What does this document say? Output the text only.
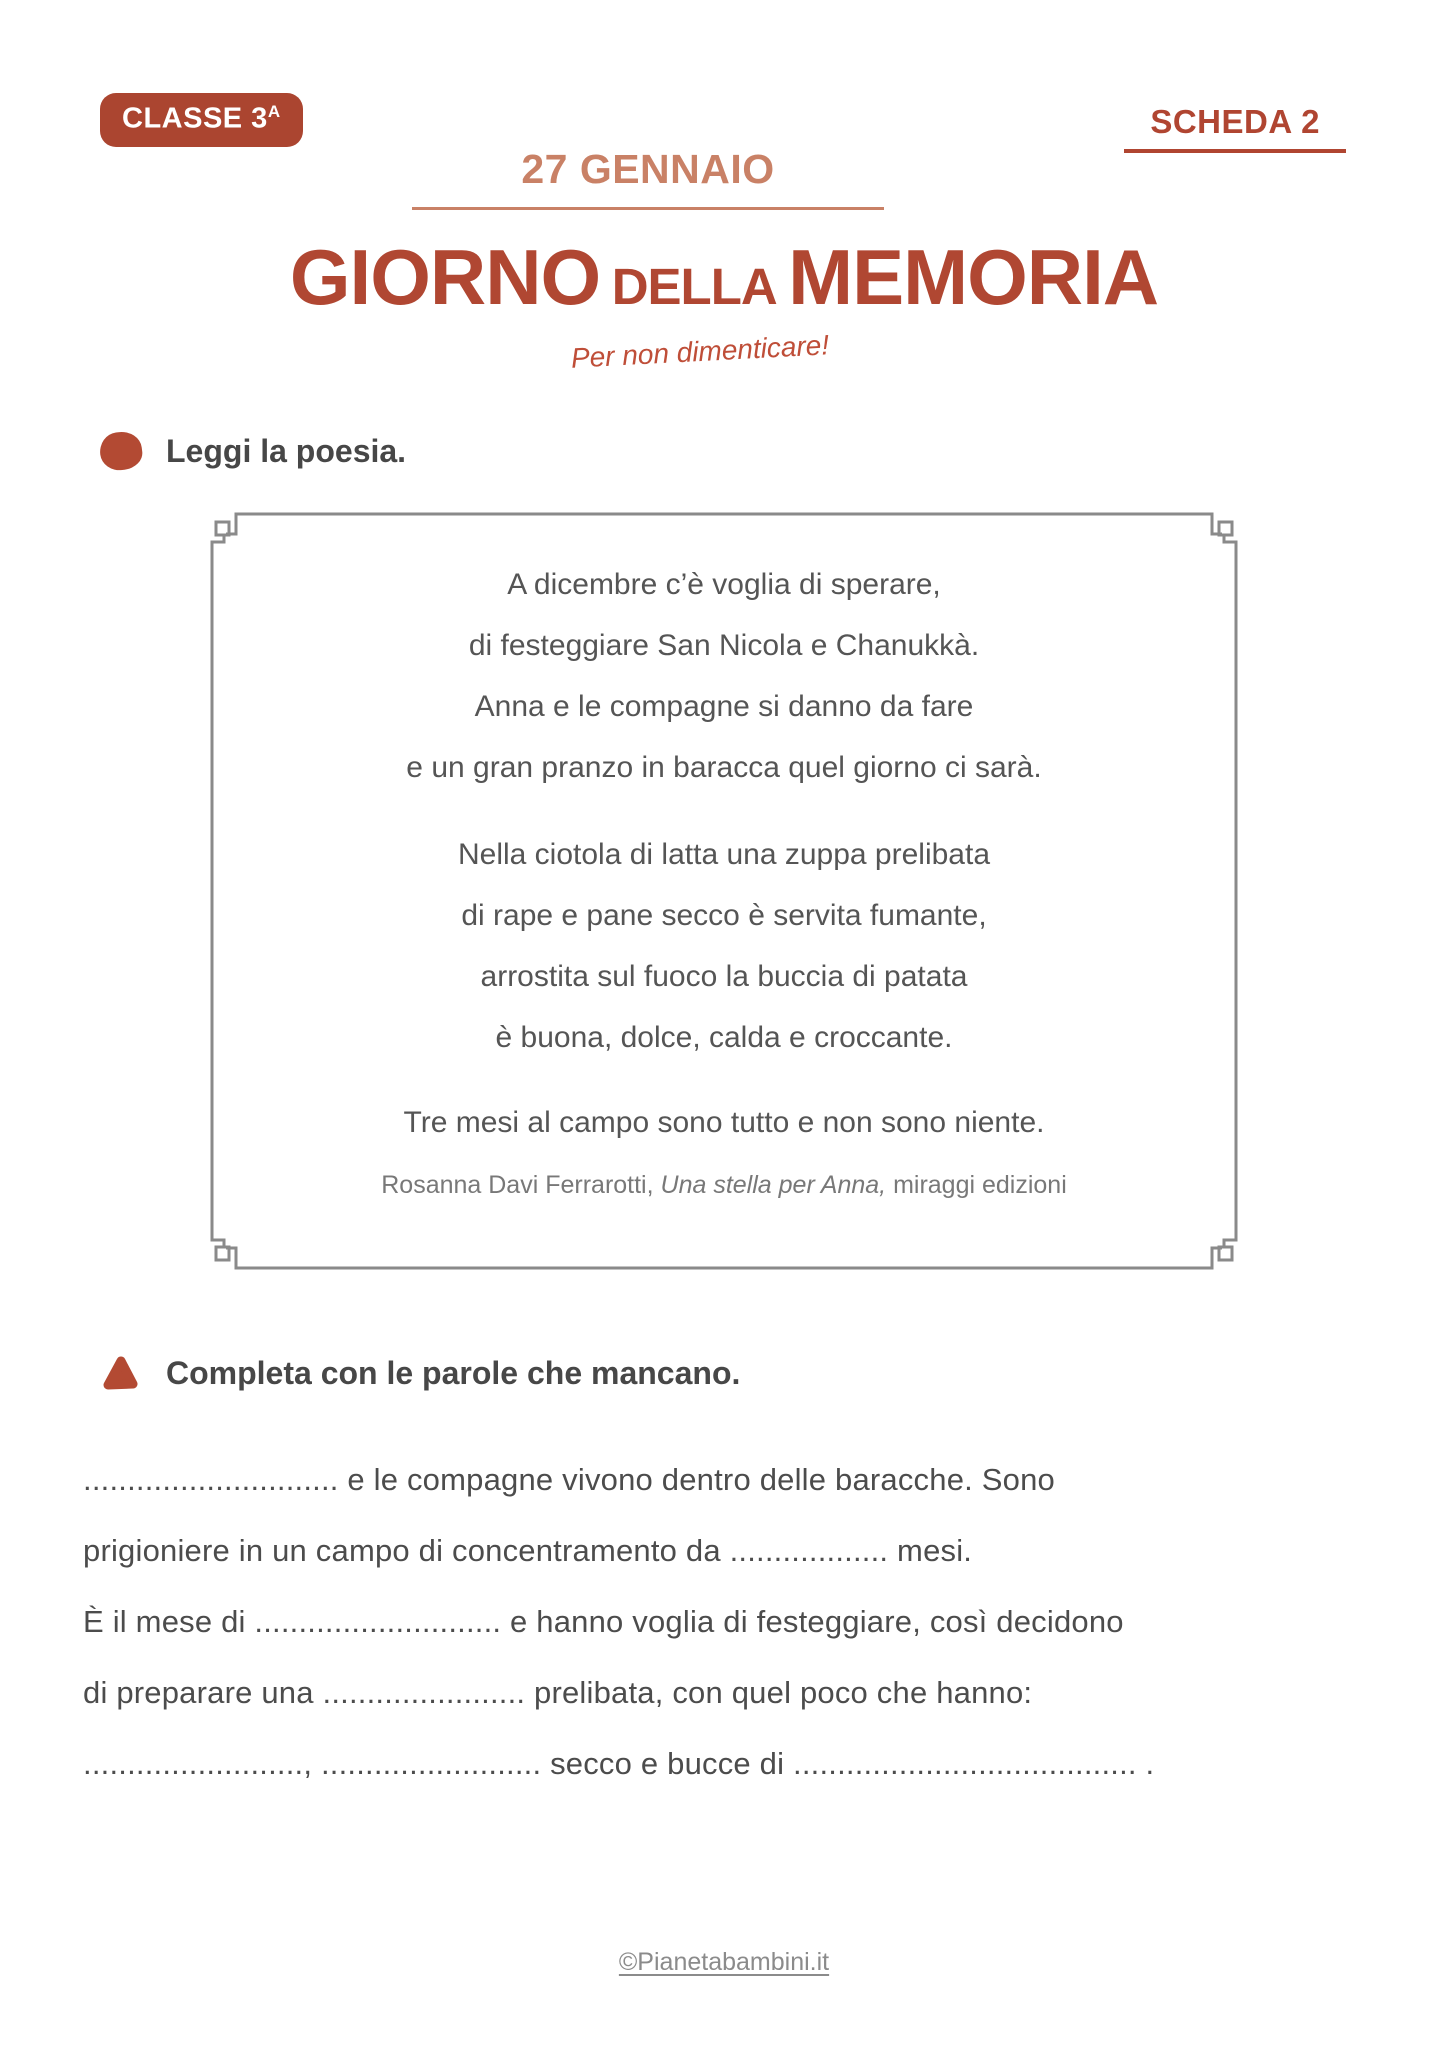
CLASSE $3^A$	SCHEDA 2
27 GENNAIO
GIORNO DELLA MEMORIA
Per non dimenticare!
Leggi la poesia.
A dicembre c’è voglia di sperare,
di festeggiare San Nicola e Chanukkà.
Anna e le compagne si danno da fare
e un gran pranzo in baracca quel giorno ci sarà.
Nella ciotola di latta una zuppa prelibata
di rape e pane secco è servita fumante,
arrostita sul fuoco la buccia di patata
è buona, dolce, calda e croccante.
Tre mesi al campo sono tutto e non sono niente.
Rosanna Davi Ferrarotti, Una stella per Anna, miraggi edizioni
Completa con le parole che mancano.
............................. e le compagne vivono dentro delle baracche. Sono
prigioniere in un campo di concentramento da .................. mesi.
È il mese di ............................ e hanno voglia di festeggiare, così decidono
di preparare una ....................... prelibata, con quel poco che hanno:
........................., ......................... secco e bucce di ....................................... .
©Pianetabambini.it
